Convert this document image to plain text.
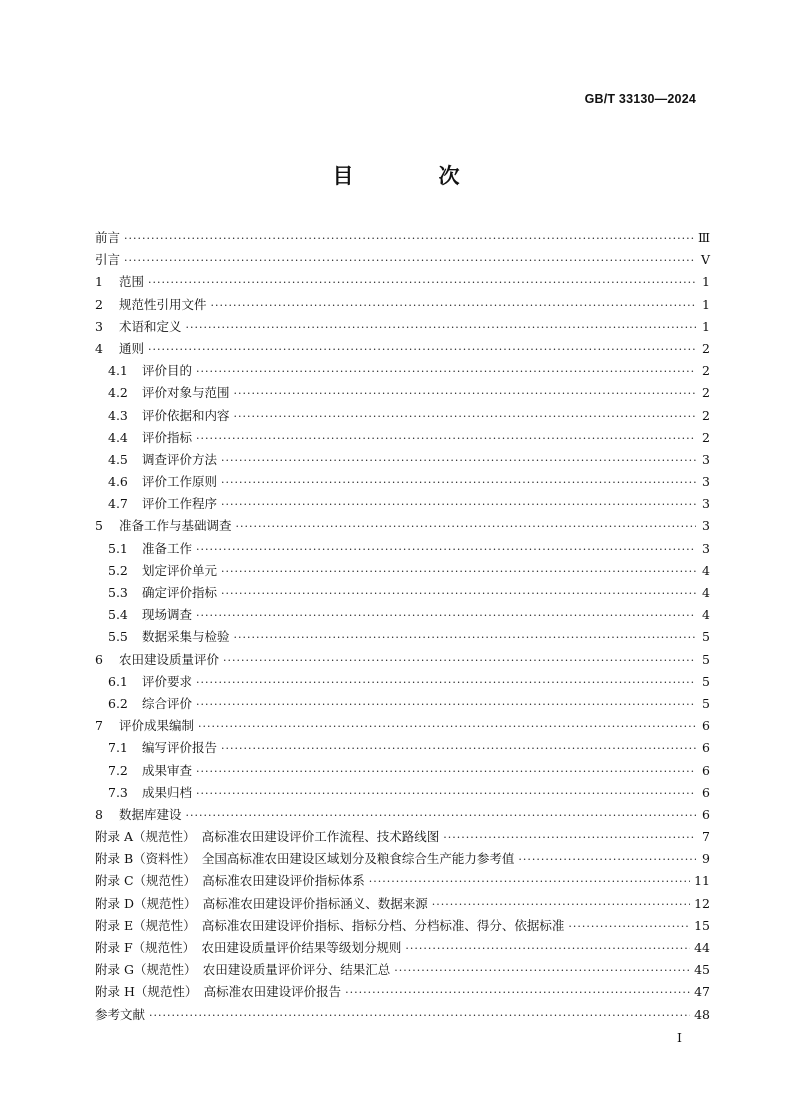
GB/T 33130—2024
目　次
前言 ·····	Ⅲ
引言 ·····	Ⅴ
1	范围 ·····	1
2	规范性引用文件 ·····	1
3	术语和定义 ·····	1
4	通则 ·····	2
4.1	评价目的 ·····	2
4.2	评价对象与范围 ·····	2
4.3	评价依据和内容 ·····	2
4.4	评价指标 ·····	2
4.5	调查评价方法 ·····	3
4.6	评价工作原则 ·····	3
4.7	评价工作程序 ·····	3
5	准备工作与基础调查 ·····	3
5.1	准备工作 ·····	3
5.2	划定评价单元 ·····	4
5.3	确定评价指标 ·····	4
5.4	现场调查 ·····	4
5.5	数据采集与检验 ·····	5
6	农田建设质量评价 ·····	5
6.1	评价要求 ·····	5
6.2	综合评价 ·····	5
7	评价成果编制 ·····	6
7.1	编写评价报告 ·····	6
7.2	成果审查 ·····	6
7.3	成果归档 ·····	6
8	数据库建设 ·····	6
附录 A（规范性）　高标准农田建设评价工作流程、技术路线图 ·····	7
附录 B（资料性）　全国高标准农田建设区域划分及粮食综合生产能力参考值 ·····	9
附录 C（规范性）　高标准农田建设评价指标体系 ·····	11
附录 D（规范性）　高标准农田建设评价指标涵义、数据来源 ·····	12
附录 E（规范性）　高标准农田建设评价指标、指标分档、分档标准、得分、依据标准 ·····	15
附录 F（规范性）　农田建设质量评价结果等级划分规则 ·····	44
附录 G（规范性）　农田建设质量评价评分、结果汇总 ·····	45
附录 H（规范性）　高标准农田建设评价报告 ·····	47
参考文献 ·····	48
I
